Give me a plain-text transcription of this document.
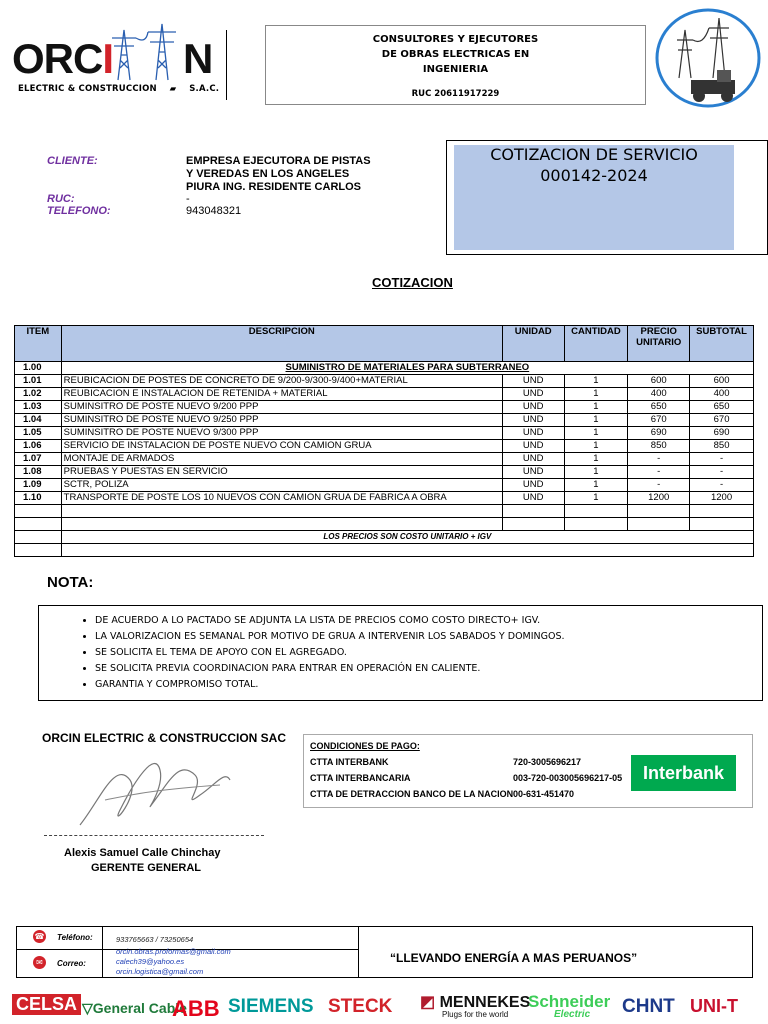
ORCI N
ELECTRIC & CONSTRUCCION ▰ S.A.C.
CONSULTORES Y EJECUTORES
DE OBRAS ELECTRICAS EN
INGENIERIA
RUC 20611917229
CLIENTE:	EMPRESA EJECUTORA DE PISTAS
Y VEREDAS EN LOS ANGELES
PIURA ING. RESIDENTE CARLOS
RUC:	-
TELEFONO:	943048321
COTIZACION DE SERVICIO
000142-2024
COTIZACION
ITEM	DESCRIPCION	UNIDAD	CANTIDAD	PRECIO UNITARIO	SUBTOTAL
1.00	SUMINISTRO DE MATERIALES PARA SUBTERRANEO				
1.01	REUBICACION DE POSTES DE CONCRETO DE 9/200-9/300-9/400+MATERIAL	UND	1	600	600
1.02	REUBICACION E INSTALACION DE RETENIDA + MATERIAL	UND	1	400	400
1.03	SUMINSITRO DE POSTE NUEVO 9/200 PPP	UND	1	650	650
1.04	SUMINSITRO DE POSTE NUEVO 9/250 PPP	UND	1	670	670
1.05	SUMINSITRO DE POSTE NUEVO 9/300 PPP	UND	1	690	690
1.06	SERVICIO DE INSTALACION DE POSTE NUEVO CON CAMION GRUA	UND	1	850	850
1.07	MONTAJE DE ARMADOS	UND	1	-	-
1.08	PRUEBAS Y PUESTAS EN SERVICIO	UND	1	-	-
1.09	SCTR, POLIZA	UND	1	-	-
1.10	TRANSPORTE DE POSTE LOS 10 NUEVOS CON CAMION GRUA DE FABRICA A OBRA	UND	1	1200	1200

	LOS PRECIOS SON COSTO UNITARIO + IGV				

NOTA:
• DE ACUERDO A LO PACTADO SE ADJUNTA LA LISTA DE PRECIOS COMO COSTO DIRECTO+ IGV.
• LA VALORIZACION ES SEMANAL POR MOTIVO DE GRUA A INTERVENIR LOS SABADOS Y DOMINGOS.
• SE SOLICITA EL TEMA DE APOYO CON EL AGREGADO.
• SE SOLICITA PREVIA COORDINACION PARA ENTRAR EN OPERACIÓN EN CALIENTE.
• GARANTIA Y COMPROMISO TOTAL.
ORCIN ELECTRIC & CONSTRUCCION SAC
Alexis Samuel Calle Chinchay
GERENTE GENERAL
CONDICIONES DE PAGO:
CTTA INTERBANK	720-3005696217
CTTA INTERBANCARIA	003-720-003005696217-05
CTTA DE DETRACCION BANCO DE LA NACION 00-631-451470
Interbank
☎ Teléfono:	933765663 / 73250654
✉	Correo:
orcin.obras.proformas@gmail.com
calech39@yahoo.es
orcin.logistica@gmail.com
“LLEVANDO ENERGÍA A MAS PERUANOS”
CELSA ▽General Cable
ABB SIEMENS STECK ◩ MENNEKES
Plugs for the world
Schneider
Electric	CHNT UNI-T
